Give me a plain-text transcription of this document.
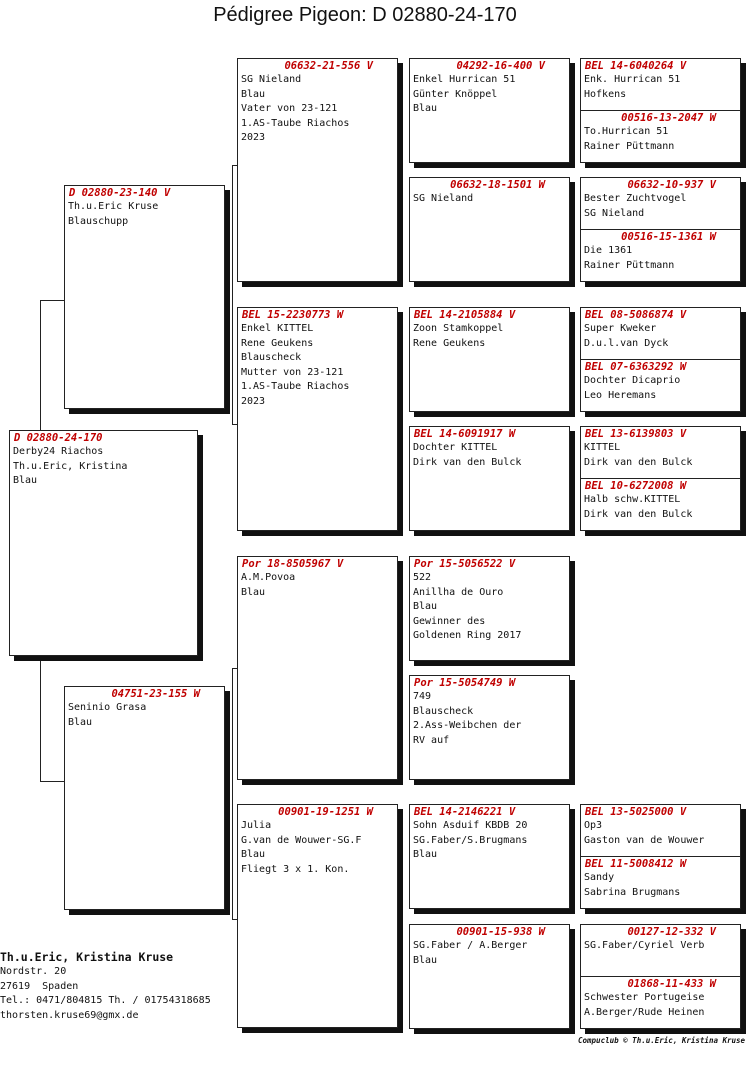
Pédigree Pigeon: D 02880-24-170
D 02880-24-170
Derby24 Riachos
Th.u.Eric, Kristina
Blau
D 02880-23-140 V
Th.u.Eric Kruse
Blauschupp
04751-23-155 W
Seninio Grasa
Blau
06632-21-556 V
SG Nieland
Blau
Vater von 23-121
1.AS-Taube Riachos
2023
BEL 15-2230773 W
Enkel KITTEL
Rene Geukens
Blauscheck
Mutter von 23-121
1.AS-Taube Riachos
2023
Por 18-8505967 V
A.M.Povoa
Blau
00901-19-1251 W
Julia
G.van de Wouwer-SG.F
Blau
Fliegt 3 x 1. Kon.
04292-16-400 V
Enkel Hurrican 51
Günter Knöppel
Blau
06632-18-1501 W
SG Nieland
BEL 14-2105884 V
Zoon Stamkoppel
Rene Geukens
BEL 14-6091917 W
Dochter KITTEL
Dirk van den Bulck
Por 15-5056522 V
522
Anillha de Ouro
Blau
Gewinner des
Goldenen Ring 2017
Por 15-5054749 W
749
Blauscheck
2.Ass-Weibchen der
RV auf
BEL 14-2146221 V
Sohn Asduif KBDB 20
SG.Faber/S.Brugmans
Blau
00901-15-938 W
SG.Faber / A.Berger
Blau
BEL 14-6040264 V
Enk. Hurrican 51
Hofkens
00516-13-2047 W
To.Hurrican 51
Rainer Püttmann
06632-10-937 V
Bester Zuchtvogel
SG Nieland
00516-15-1361 W
Die 1361
Rainer Püttmann
BEL 08-5086874 V
Super Kweker
D.u.l.van Dyck
BEL 07-6363292 W
Dochter Dicaprio
Leo Heremans
BEL 13-6139803 V
KITTEL
Dirk van den Bulck
BEL 10-6272008 W
Halb schw.KITTEL
Dirk van den Bulck
BEL 13-5025000 V
Op3
Gaston van de Wouwer
BEL 11-5008412 W
Sandy
Sabrina Brugmans
00127-12-332 V
SG.Faber/Cyriel Verb
01868-11-433 W
Schwester Portugeise
A.Berger/Rude Heinen
Th.u.Eric, Kristina Kruse
Nordstr. 20
27619  Spaden
Tel.: 0471/804815 Th. / 01754318685
thorsten.kruse69@gmx.de
Compuclub © Th.u.Eric, Kristina Kruse
